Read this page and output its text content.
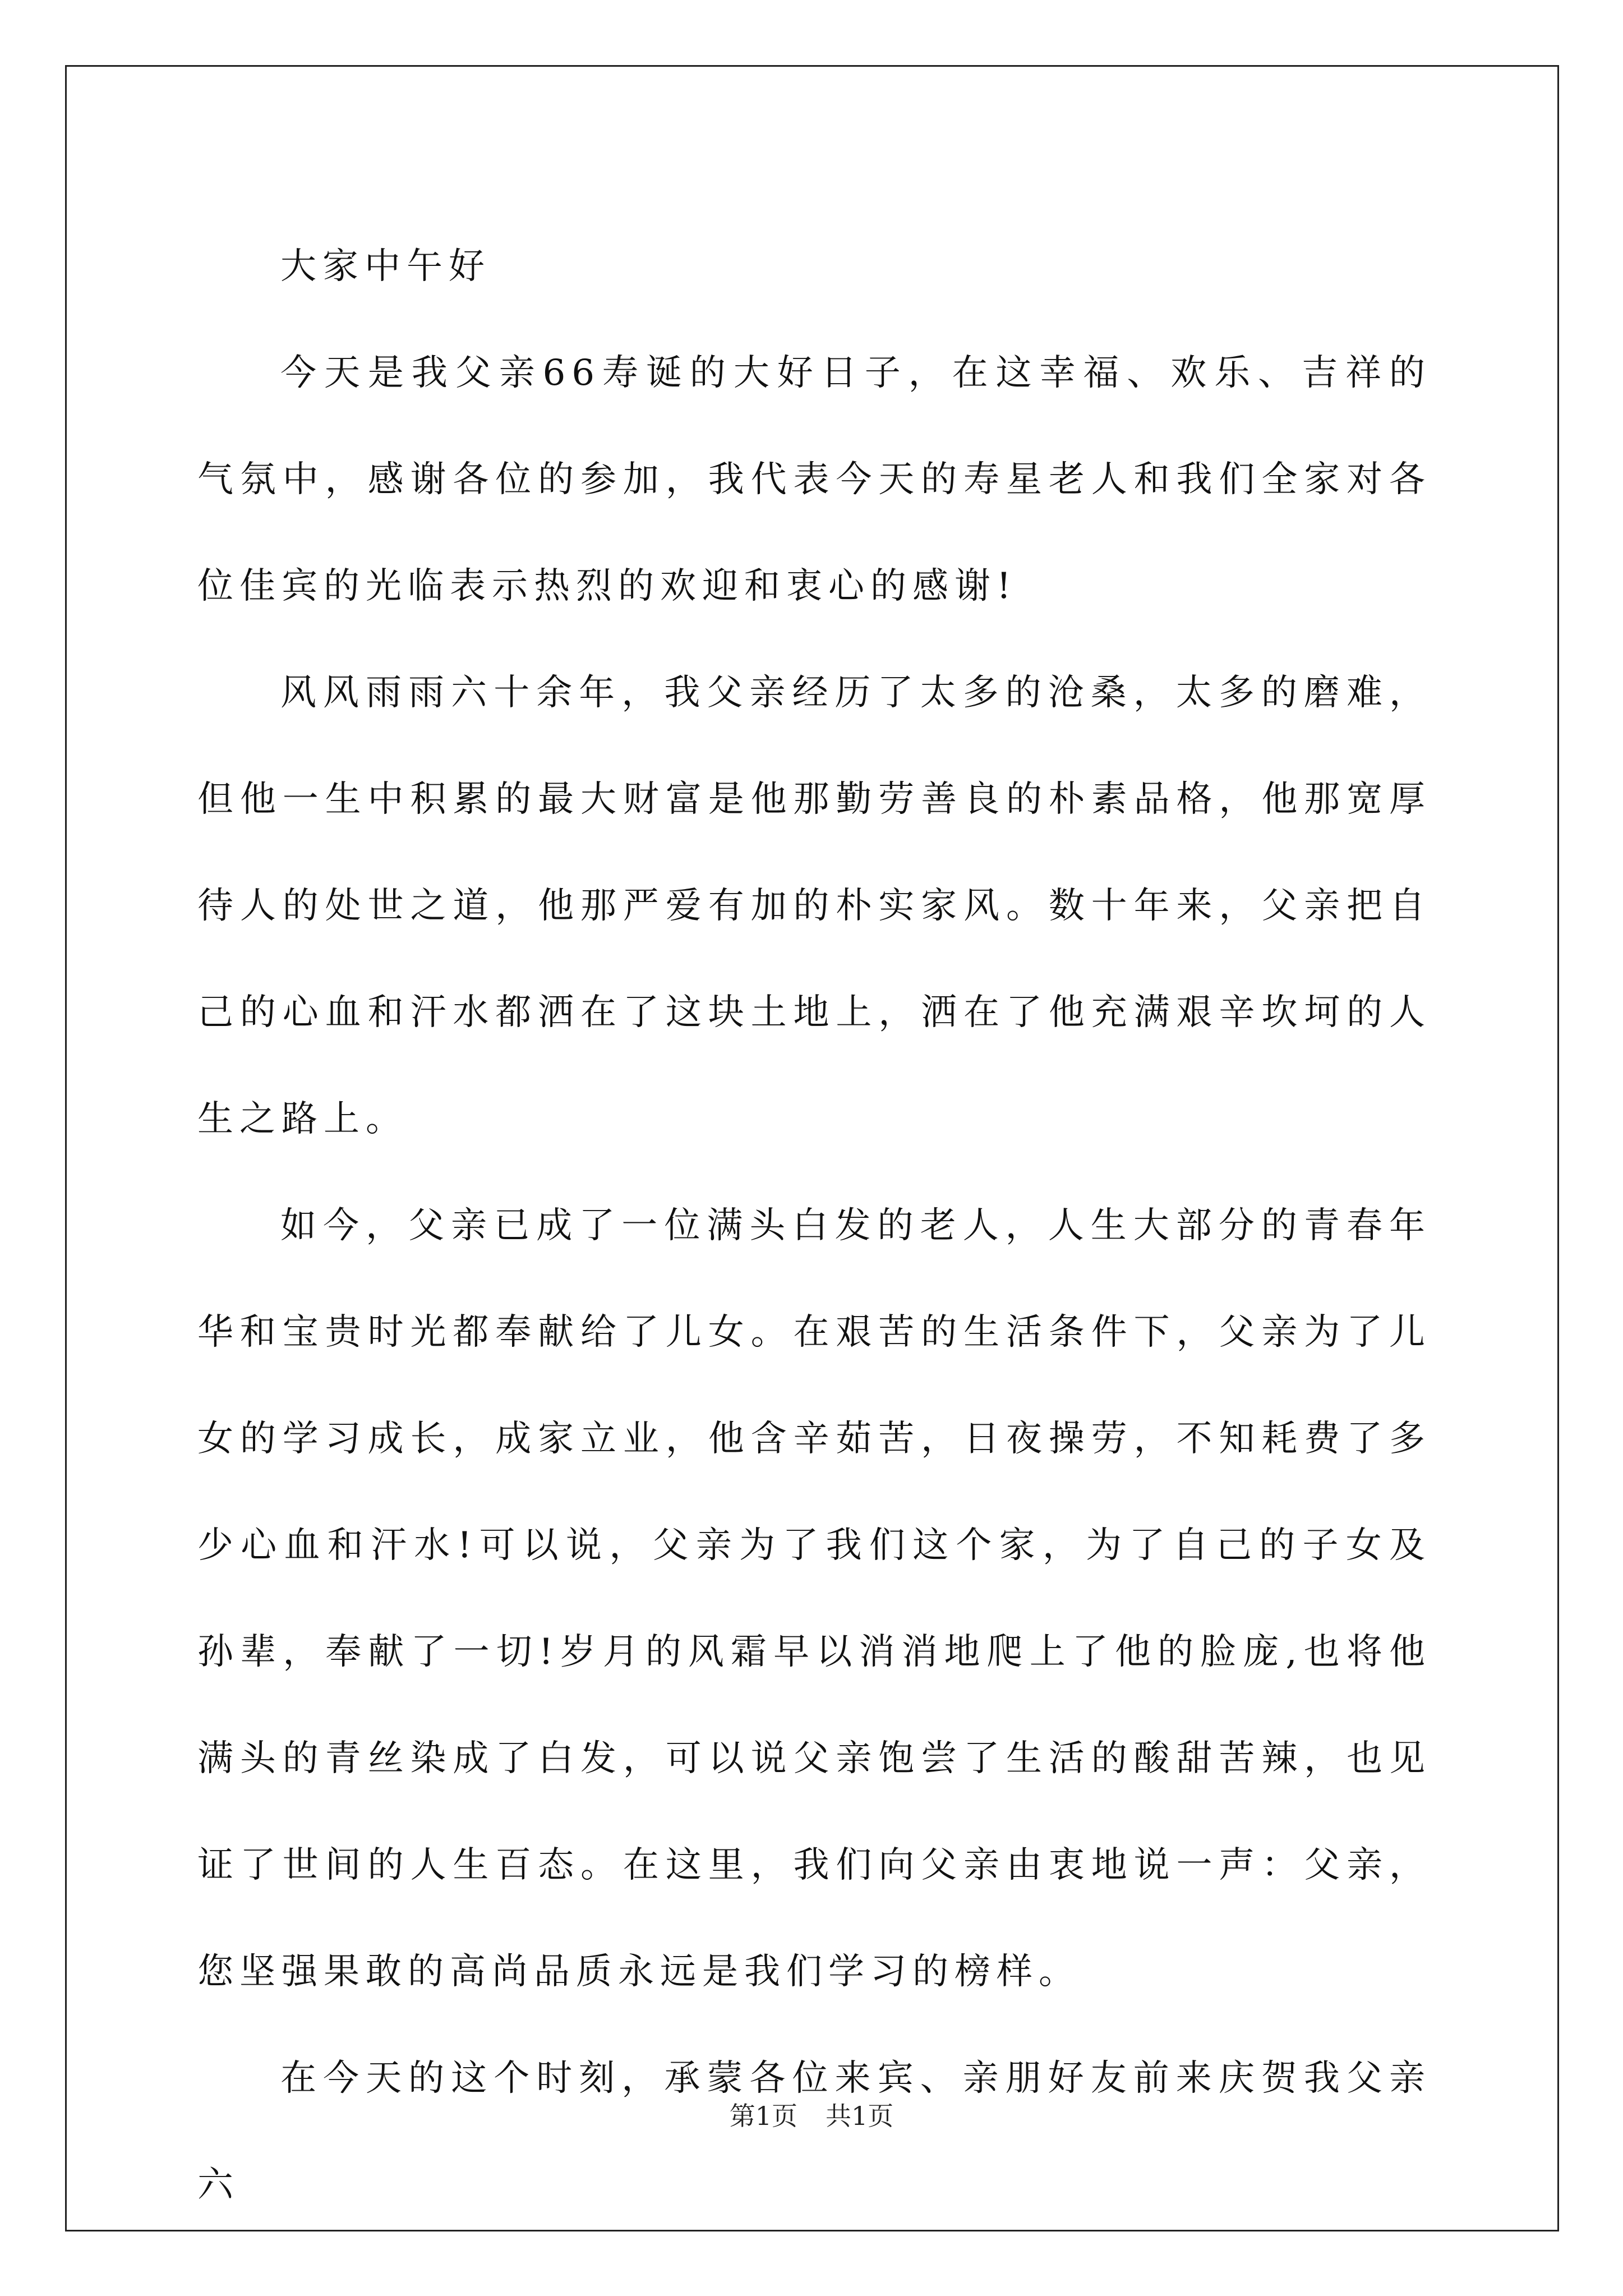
大家中午好

今天是我父亲66寿诞的大好日子，在这幸福、欢乐、吉祥的气氛中，感谢各位的参加，我代表今天的寿星老人和我们全家对各位佳宾的光临表示热烈的欢迎和衷心的感谢!

风风雨雨六十余年，我父亲经历了太多的沧桑，太多的磨难，但他一生中积累的最大财富是他那勤劳善良的朴素品格，他那宽厚待人的处世之道，他那严爱有加的朴实家风。数十年来，父亲把自己的心血和汗水都洒在了这块土地上，洒在了他充满艰辛坎坷的人生之路上。

如今，父亲已成了一位满头白发的老人，人生大部分的青春年华和宝贵时光都奉献给了儿女。在艰苦的生活条件下，父亲为了儿女的学习成长，成家立业，他含辛茹苦，日夜操劳，不知耗费了多少心血和汗水!可以说，父亲为了我们这个家，为了自己的子女及孙辈，奉献了一切!岁月的风霜早以消消地爬上了他的脸庞,也将他满头的青丝染成了白发，可以说父亲饱尝了生活的酸甜苦辣，也见证了世间的人生百态。在这里，我们向父亲由衷地说一声：父亲，您坚强果敢的高尚品质永远是我们学习的榜样。

在今天的这个时刻，承蒙各位来宾、亲朋好友前来庆贺我父亲六

第1页 共1页
